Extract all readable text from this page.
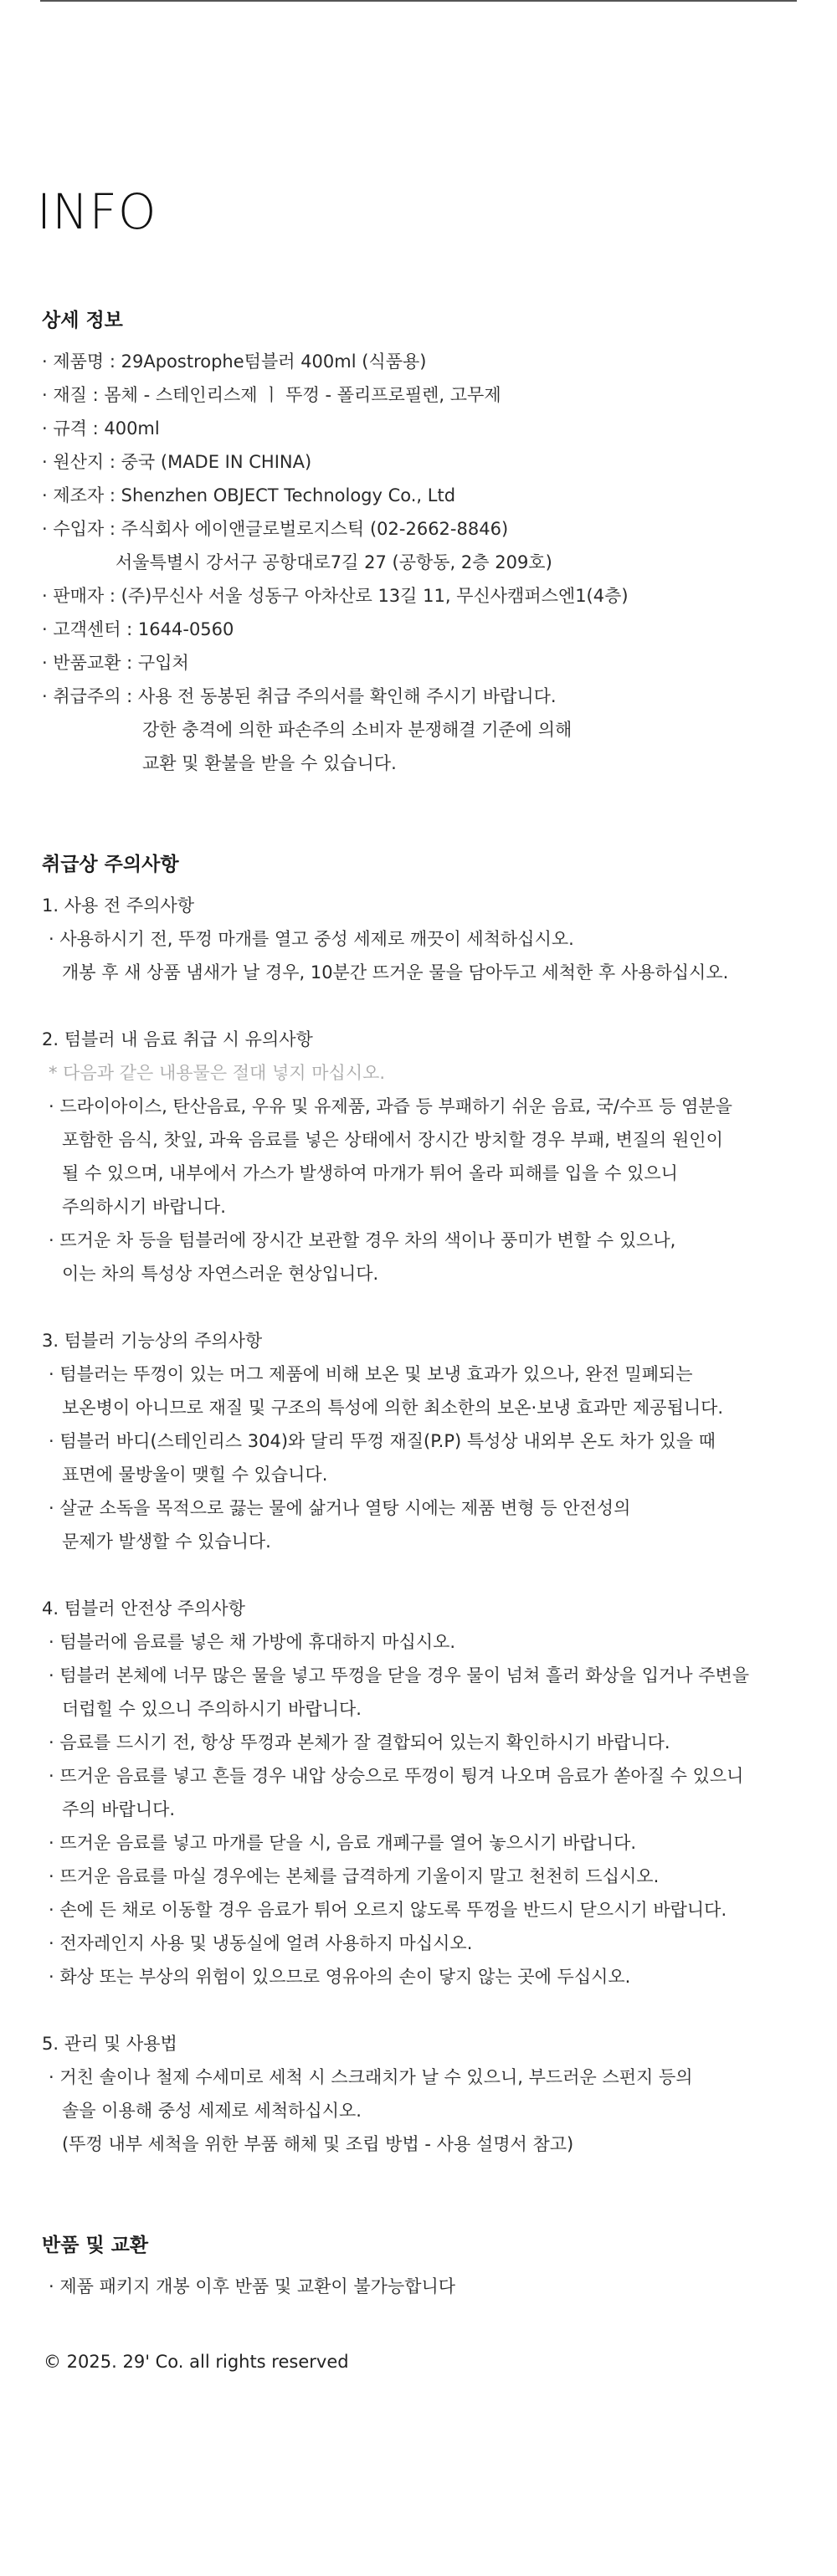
INFO
상세 정보
· 제품명 : 29Apostrophe텀블러 400ml (식품용)
· 재질 : 몸체 - 스테인리스제 ㅣ 뚜껑 - 폴리프로필렌, 고무제
· 규격 : 400ml
· 원산지 : 중국 (MADE IN CHINA)
· 제조자 : Shenzhen OBJECT Technology Co., Ltd
· 수입자 : 주식회사 에이앤글로벌로지스틱 (02-2662-8846)
서울특별시 강서구 공항대로7길 27 (공항동, 2층 209호)
· 판매자 : (주)무신사 서울 성동구 아차산로 13길 11, 무신사캠퍼스엔1(4층)
· 고객센터 : 1644-0560
· 반품교환 : 구입처
· 취급주의 : 사용 전 동봉된 취급 주의서를 확인해 주시기 바랍니다.
강한 충격에 의한 파손주의 소비자 분쟁해결 기준에 의해
교환 및 환불을 받을 수 있습니다.
취급상 주의사항
1. 사용 전 주의사항
· 사용하시기 전, 뚜껑 마개를 열고 중성 세제로 깨끗이 세척하십시오.
개봉 후 새 상품 냄새가 날 경우, 10분간 뜨거운 물을 담아두고 세척한 후 사용하십시오.
2. 텀블러 내 음료 취급 시 유의사항
* 다음과 같은 내용물은 절대 넣지 마십시오.
· 드라이아이스, 탄산음료, 우유 및 유제품, 과즙 등 부패하기 쉬운 음료, 국/수프 등 염분을
포함한 음식, 찻잎, 과육 음료를 넣은 상태에서 장시간 방치할 경우 부패, 변질의 원인이
될 수 있으며, 내부에서 가스가 발생하여 마개가 튀어 올라 피해를 입을 수 있으니
주의하시기 바랍니다.
· 뜨거운 차 등을 텀블러에 장시간 보관할 경우 차의 색이나 풍미가 변할 수 있으나,
이는 차의 특성상 자연스러운 현상입니다.
3. 텀블러 기능상의 주의사항
· 텀블러는 뚜껑이 있는 머그 제품에 비해 보온 및 보냉 효과가 있으나, 완전 밀폐되는
보온병이 아니므로 재질 및 구조의 특성에 의한 최소한의 보온·보냉 효과만 제공됩니다.
· 텀블러 바디(스테인리스 304)와 달리 뚜껑 재질(P.P) 특성상 내외부 온도 차가 있을 때
표면에 물방울이 맺힐 수 있습니다.
· 살균 소독을 목적으로 끓는 물에 삶거나 열탕 시에는 제품 변형 등 안전성의
문제가 발생할 수 있습니다.
4. 텀블러 안전상 주의사항
· 텀블러에 음료를 넣은 채 가방에 휴대하지 마십시오.
· 텀블러 본체에 너무 많은 물을 넣고 뚜껑을 닫을 경우 물이 넘쳐 흘러 화상을 입거나 주변을
더럽힐 수 있으니 주의하시기 바랍니다.
· 음료를 드시기 전, 항상 뚜껑과 본체가 잘 결합되어 있는지 확인하시기 바랍니다.
· 뜨거운 음료를 넣고 흔들 경우 내압 상승으로 뚜껑이 튕겨 나오며 음료가 쏟아질 수 있으니
주의 바랍니다.
· 뜨거운 음료를 넣고 마개를 닫을 시, 음료 개폐구를 열어 놓으시기 바랍니다.
· 뜨거운 음료를 마실 경우에는 본체를 급격하게 기울이지 말고 천천히 드십시오.
· 손에 든 채로 이동할 경우 음료가 튀어 오르지 않도록 뚜껑을 반드시 닫으시기 바랍니다.
· 전자레인지 사용 및 냉동실에 얼려 사용하지 마십시오.
· 화상 또는 부상의 위험이 있으므로 영유아의 손이 닿지 않는 곳에 두십시오.
5. 관리 및 사용법
· 거친 솔이나 철제 수세미로 세척 시 스크래치가 날 수 있으니, 부드러운 스펀지 등의
솔을 이용해 중성 세제로 세척하십시오.
(뚜껑 내부 세척을 위한 부품 해체 및 조립 방법 - 사용 설명서 참고)
반품 및 교환
· 제품 패키지 개봉 이후 반품 및 교환이 불가능합니다
© 2025. 29' Co. all rights reserved
